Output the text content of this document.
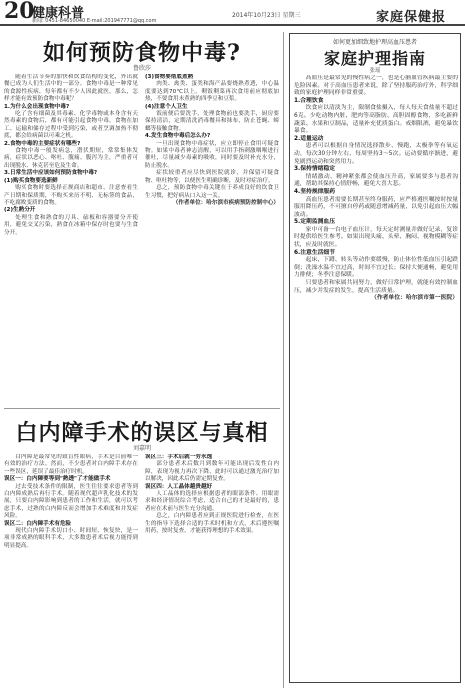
20
健康科普
新闻: 0451-84650040 E-mail:201947771@qq.com
2014年10月23日 星期三	家庭保健报
如何预防食物中毒?
鲁欣莎

随着生活节奏的加快和饮食结构的变化，外出就餐已成为人们生活中的一部分。食物中毒是一种常见的食源性疾病，每年都有不少人因此就医。那么，怎样才能有效预防食物中毒呢？

1.为什么会出现食物中毒?

吃了含有细菌及其毒素、化学毒物或本身含有天然毒素的食物后，都有可能引起食物中毒。食物在加工、运输和储存过程中受到污染，或者烹调加热不彻底，都会给病菌以可乘之机。

2.食物中毒的主要症状有哪些?

食物中毒一般发病急，潜伏期短，常常集体发病，症状以恶心、呕吐、腹痛、腹泻为主，严重者可出现脱水、休克甚至危及生命。

3.日常生活中应该如何预防食物中毒?

(1)购买食物要选新鲜

购买食物时要选择正规商店和超市，注意查看生产日期和保质期，不购买来历不明、无标签的食品，不吃腐败变质的食物。

(2)生熟分开

处理生食和熟食的刀具、砧板和容器要分开使用，避免交叉污染，熟食在冰箱中保存时也要与生食分开。

(3)食物要彻底煮熟

肉类、禽类、蛋类和海产品要烧熟煮透，中心温度要达到70℃以上。剩饭剩菜再次食用前应彻底加热，不要食用未煮熟的四季豆和豆浆。

(4)注意个人卫生

饭前便后要洗手，处理食物前也要洗手，厨房要保持清洁，定期清洗消毒餐具和抹布，防止苍蝇、蟑螂等接触食物。

4.发生食物中毒后怎么办?

一旦出现食物中毒症状，应立即停止食用可疑食物。如果中毒者神志清醒，可以用手指刺激咽喉进行催吐，尽量减少毒素的吸收，同时要及时补充水分，防止脱水。

症状较重者应尽快到医院就诊，并保留可疑食物、呕吐物等，以便医生明确诊断，及时对症治疗。

总之，预防食物中毒关键在于养成良好的饮食卫生习惯，把好病从口入这一关。

（作者单位：哈尔滨市疾病预防控制中心）

白内障手术的误区与真相
刘嘉明

白内障是最常见的致盲性眼病，手术是目前唯一有效的治疗方法。然而，不少患者对白内障手术存在一些误区，延误了最佳治疗时机。

误区一：白内障要等到"熟透"了才能做手术

过去受技术条件的限制，医生往往要求患者等到白内障成熟后再行手术。随着现代超声乳化技术的发展，只要白内障影响到患者的工作和生活，就可以考虑手术，过熟的白内障反而会增加手术难度和并发症风险。

误区二：白内障手术有危险

现代白内障手术切口小、时间短、恢复快，是一项非常成熟的眼科手术，大多数患者术后视力能得到明显提高。

误区三：手术后就一劳永逸

部分患者术后数月到数年可能出现后发性白内障，表现为视力再次下降，此时可以通过激光治疗加以解决，因此术后仍需定期复查。

误区四：人工晶体越贵越好

人工晶体的选择应根据患者的眼部条件、用眼需求和经济情况综合考虑，适合自己的才是最好的，患者应在术前与医生充分沟通。

总之，白内障患者应到正规医院进行检查，在医生的指导下选择合适的手术时机和方式，术后遵医嘱用药，按时复查，才能获得理想的手术效果。

如何更加细致地护理高血压患者
家庭护理指南
张瑶

高血压是最常见的慢性病之一，也是心脑血管疾病最主要的危险因素。对于高血压患者来说，除了坚持服药治疗外，科学细致的家庭护理同样非常重要。

1.合理饮食

饮食应以清淡为主，限制食盐摄入，每人每天食盐量不超过6克。少吃动物内脏、肥肉等高脂肪、高胆固醇食物，多吃新鲜蔬菜、水果和豆制品，适量补充优质蛋白。戒烟限酒，避免暴饮暴食。

2.适量运动

患者可以根据自身情况选择散步、慢跑、太极拳等有氧运动，每次30分钟左右，每周坚持3～5次。运动要循序渐进，避免剧烈运动和突然用力。

3.保持情绪稳定

情绪激动、精神紧张都会使血压升高，家属要多与患者沟通，帮助其保持心情舒畅，避免大喜大悲。

4.坚持规律服药

高血压患者需要长期甚至终身服药，应严格遵医嘱按时按量服用降压药，不可擅自停药或随意增减药量，以免引起血压大幅波动。

5.定期监测血压

家中可备一台电子血压计，每天定时测量并做好记录，复诊时提供给医生参考。如果出现头痛、头晕、胸闷、视物模糊等症状，应及时就医。

6.注意生活细节

起床、下蹲、转头等动作要缓慢，防止体位性低血压引起跌倒；洗澡水温不宜过高，时间不宜过长；保持大便通畅，避免用力排便；冬季注意保暖。

只要患者和家属共同努力，做好日常护理，就能有效控制血压，减少并发症的发生，提高生活质量。

（作者单位：哈尔滨市第一医院）
